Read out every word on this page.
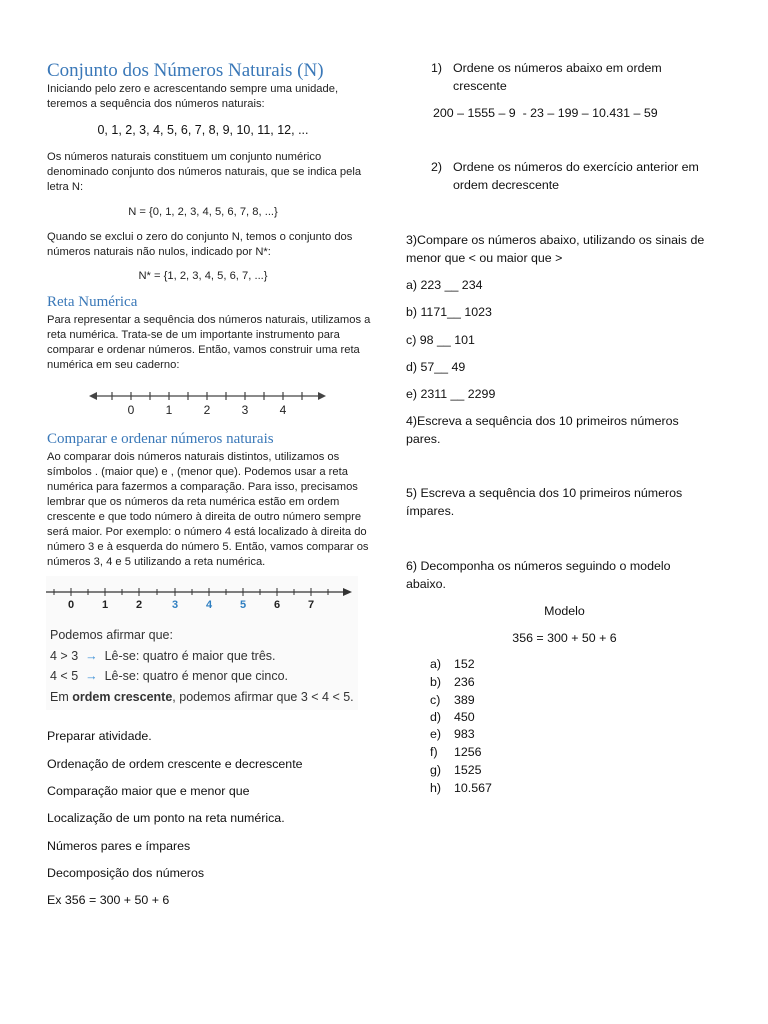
Conjunto dos Números Naturais (N)
Iniciando pelo zero e acrescentando sempre uma unidade,
teremos a sequência dos números naturais:
0, 1, 2, 3, 4, 5, 6, 7, 8, 9, 10, 11, 12, ...
Os números naturais constituem um conjunto numérico
denominado conjunto dos números naturais, que se indica pela
letra N:
N = {0, 1, 2, 3, 4, 5, 6, 7, 8, ...}
Quando se exclui o zero do conjunto N, temos o conjunto dos
números naturais não nulos, indicado por N*:
N* = {1, 2, 3, 4, 5, 6, 7, ...}
Reta Numérica
Para representar a sequência dos números naturais, utilizamos a
reta numérica. Trata-se de um importante instrumento para
comparar e ordenar números. Então, vamos construir uma reta
numérica em seu caderno:
0	1	2	3	4
Comparar e ordenar números naturais
Ao comparar dois números naturais distintos, utilizamos os
símbolos . (maior que) e , (menor que). Podemos usar a reta
numérica para fazermos a comparação. Para isso, precisamos
lembrar que os números da reta numérica estão em ordem
crescente e que todo número à direita de outro número sempre
será maior. Por exemplo: o número 4 está localizado à direita do
número 3 e à esquerda do número 5. Então, vamos comparar os
números 3, 4 e 5 utilizando a reta numérica.
0	1	2	3	4	5	6	7
Podemos afirmar que:
4 > 3  →  Lê-se: quatro é maior que três.
4 < 5  →  Lê-se: quatro é menor que cinco.
Em ordem crescente, podemos afirmar que 3 < 4 < 5.
Preparar atividade.
Ordenação de ordem crescente e decrescente
Comparação maior que e menor que
Localização de um ponto na reta numérica.
Números pares e ímpares
Decomposição dos números
Ex 356 = 300 + 50 + 6
1) Ordene os números abaixo em ordem
crescente
200 – 1555 – 9  - 23 – 199 – 10.431 – 59
2) Ordene os números do exercício anterior em
ordem decrescente
3)Compare os números abaixo, utilizando os sinais de
menor que < ou maior que >
a) 223 __ 234
b) 1171__ 1023
c) 98 __ 101
d) 57__ 49
e) 2311 __ 2299
4)Escreva a sequência dos 10 primeiros números
pares.
5) Escreva a sequência dos 10 primeiros números
ímpares.
6) Decomponha os números seguindo o modelo
abaixo.
Modelo
356 = 300 + 50 + 6
a) 152
b) 236
c) 389
d) 450
e) 983
f) 1256
g) 1525
h) 10.567
